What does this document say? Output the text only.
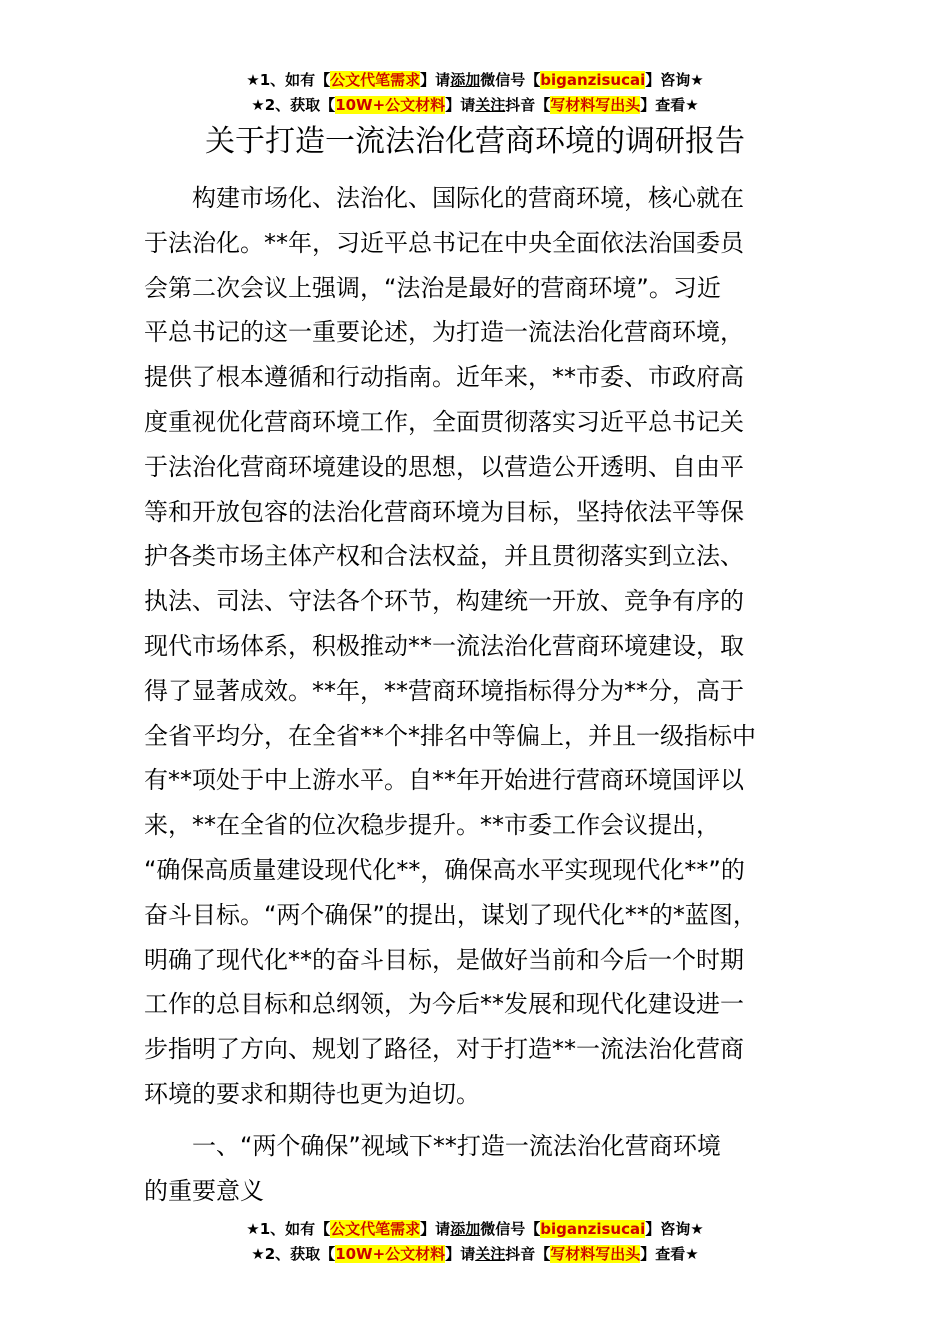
★1、如有【公文代笔需求】请添加微信号【biganzisucai】咨询★
★2、获取【10W+公文材料】请关注抖音【写材料写出头】查看★
关于打造一流法治化营商环境的调研报告
　　构建市场化、法治化、国际化的营商环境，核心就在
于法治化。**年，习近平总书记在中央全面依法治国委员
会第二次会议上强调，“法治是最好的营商环境”。习近
平总书记的这一重要论述，为打造一流法治化营商环境，
提供了根本遵循和行动指南。近年来，**市委、市政府高
度重视优化营商环境工作，全面贯彻落实习近平总书记关
于法治化营商环境建设的思想，以营造公开透明、自由平
等和开放包容的法治化营商环境为目标，坚持依法平等保
护各类市场主体产权和合法权益，并且贯彻落实到立法、
执法、司法、守法各个环节，构建统一开放、竞争有序的
现代市场体系，积极推动**一流法治化营商环境建设，取
得了显著成效。**年，**营商环境指标得分为**分，高于
全省平均分，在全省**个*排名中等偏上，并且一级指标中
有**项处于中上游水平。自**年开始进行营商环境国评以
来，**在全省的位次稳步提升。**市委工作会议提出，
“确保高质量建设现代化**，确保高水平实现现代化**”的
奋斗目标。“两个确保”的提出，谋划了现代化**的*蓝图，
明确了现代化**的奋斗目标，是做好当前和今后一个时期
工作的总目标和总纲领，为今后**发展和现代化建设进一
步指明了方向、规划了路径，对于打造**一流法治化营商
环境的要求和期待也更为迫切。
　　一、“两个确保”视域下**打造一流法治化营商环境
的重要意义
★1、如有【公文代笔需求】请添加微信号【biganzisucai】咨询★
★2、获取【10W+公文材料】请关注抖音【写材料写出头】查看★
